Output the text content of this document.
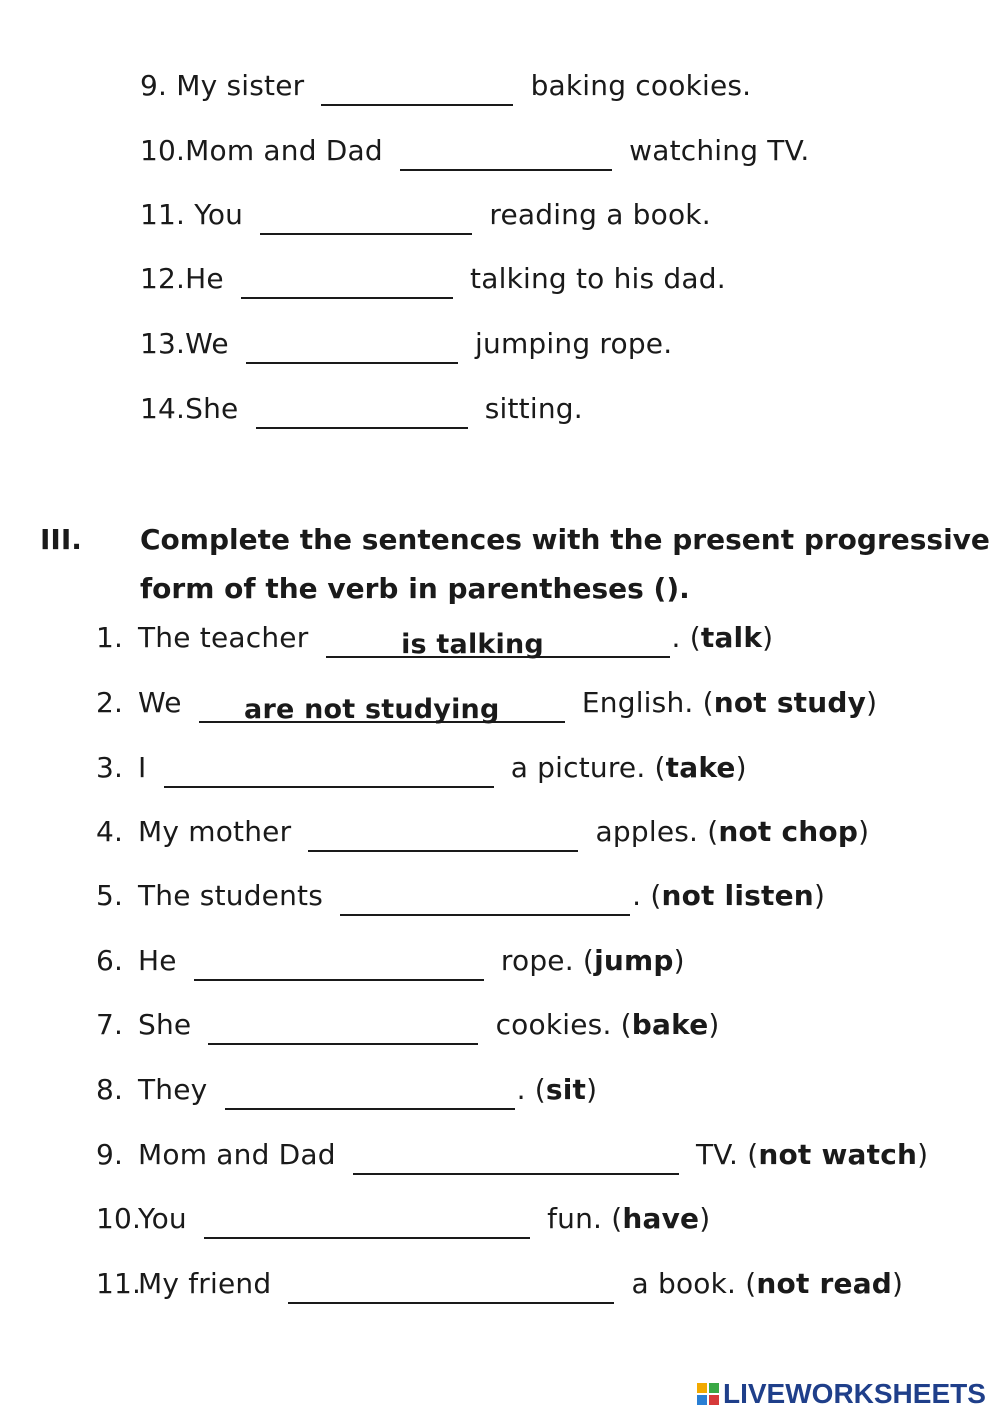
9. My sister	baking cookies.
10.Mom and Dad	watching TV.
11. You	reading a book.
12.He	talking to his dad.
13.We	jumping rope.
14.She	sitting.
III. Complete the sentences with the present progressive
form of the verb in parentheses ().
1. The teacher	is talking	. (talk)
2. We	are not studying	English. (not study)
3. I	a picture. (take)
4. My mother	apples. (not chop)
5. The students	. (not listen)
6. He	rope. (jump)
7. She	cookies. (bake)
8. They	. (sit)
9. Mom and Dad	TV. (not watch)
10.You	fun. (have)
11.My friend	a book. (not read)
LIVEWORKSHEETS
